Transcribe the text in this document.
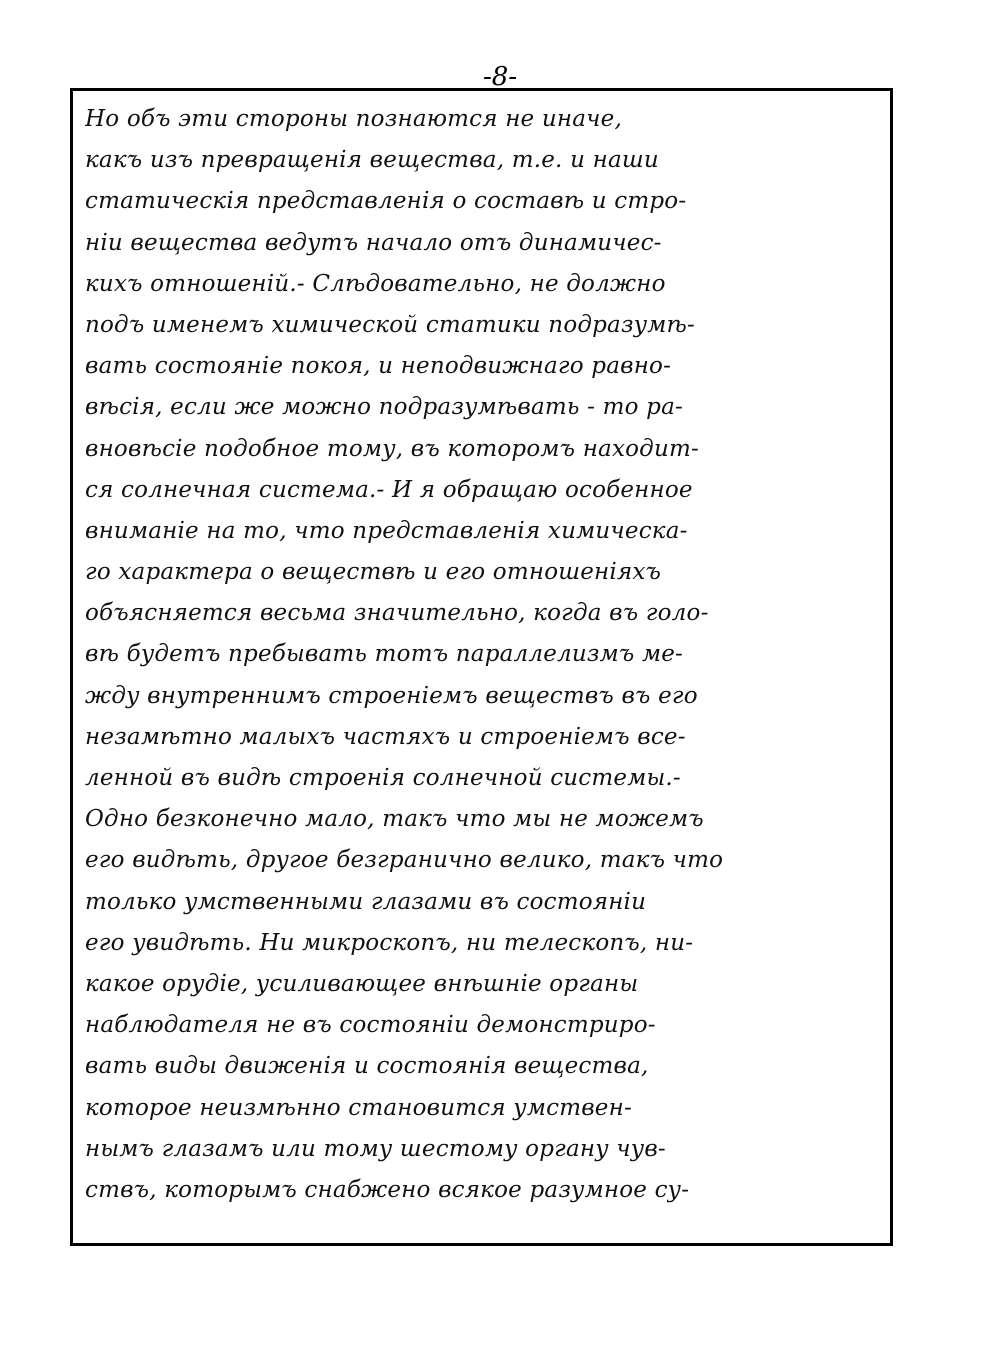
-8-
Но объ эти стороны познаются не иначе,
какъ изъ превращенія вещества, т.е. и наши
статическія представленія о составѣ и стро-
ніи вещества ведутъ начало отъ динамичес-
кихъ отношеній.- Слѣдовательно, не должно
подъ именемъ химической статики подразумѣ-
вать состояніе покоя, и неподвижнаго равно-
вѣсія, если же можно подразумѣвать - то ра-
вновѣсіе подобное тому, въ которомъ находит-
ся солнечная система.- И я обращаю особенное
вниманіе на то, что представленія химическа-
го характера о веществѣ и его отношеніяхъ
объясняется весьма значительно, когда въ голо-
вѣ будетъ пребывать тотъ параллелизмъ ме-
жду внутреннимъ строеніемъ веществъ въ его
незамѣтно малыхъ частяхъ и строеніемъ все-
ленной въ видѣ строенія солнечной системы.-
Одно безконечно мало, такъ что мы не можемъ
его видѣть, другое безгранично велико, такъ что
только умственными глазами въ состояніи
его увидѣть. Ни микроскопъ, ни телескопъ, ни-
какое орудіе, усиливающее внѣшніе органы
наблюдателя не въ состояніи демонстриро-
вать виды движенія и состоянія вещества,
которое неизмѣнно становится умствен-
нымъ глазамъ или тому шестому органу чув-
ствъ, которымъ снабжено всякое разумное су-
